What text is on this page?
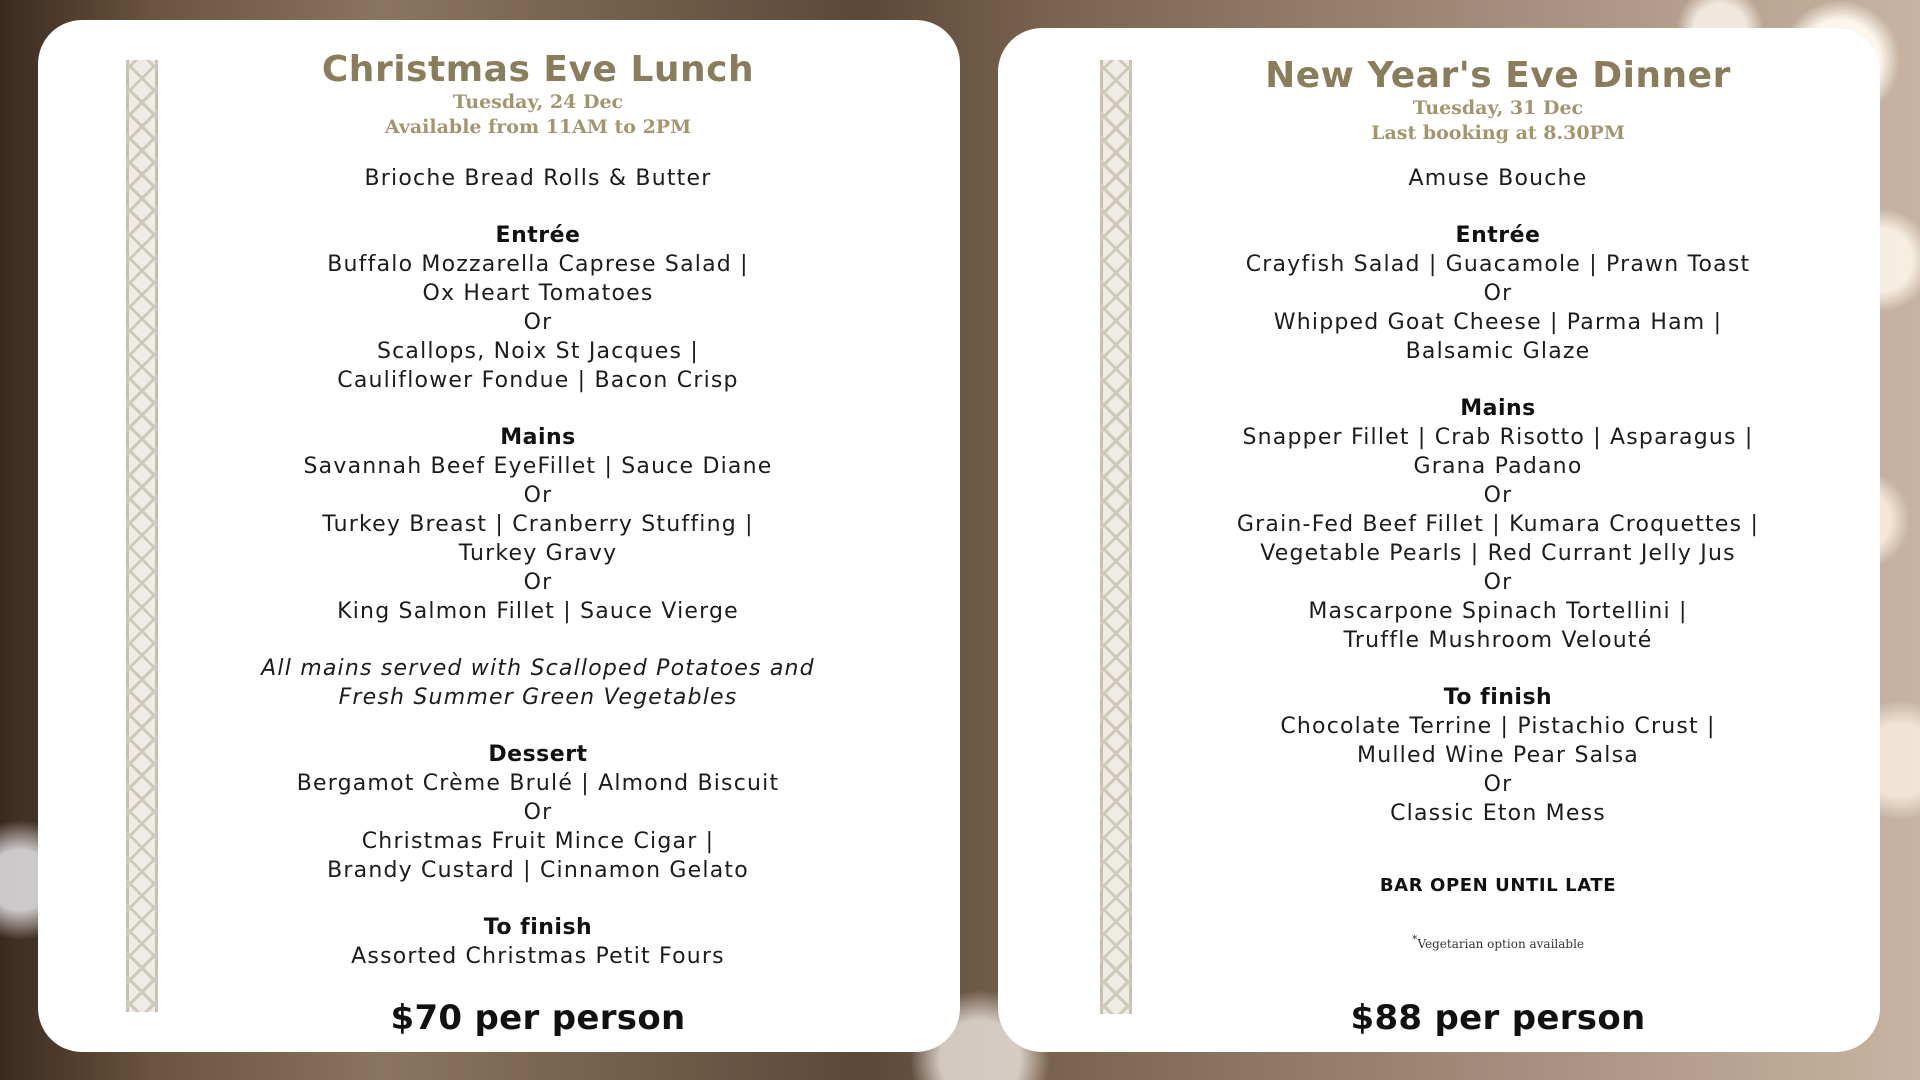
Christmas Eve Lunch
Tuesday, 24 Dec
Available from 11AM to 2PM
Brioche Bread Rolls & Butter
Entrée
Buffalo Mozzarella Caprese Salad |
Ox Heart Tomatoes
Or
Scallops, Noix St Jacques |
Cauliflower Fondue | Bacon Crisp
Mains
Savannah Beef EyeFillet | Sauce Diane
Or
Turkey Breast | Cranberry Stuffing |
Turkey Gravy
Or
King Salmon Fillet | Sauce Vierge
All mains served with Scalloped Potatoes and
Fresh Summer Green Vegetables
Dessert
Bergamot Crème Brulé | Almond Biscuit
Or
Christmas Fruit Mince Cigar |
Brandy Custard | Cinnamon Gelato
To finish
Assorted Christmas Petit Fours
$70 per person
New Year's Eve Dinner
Tuesday, 31 Dec
Last booking at 8.30PM
Amuse Bouche
Entrée
Crayfish Salad | Guacamole | Prawn Toast
Or
Whipped Goat Cheese | Parma Ham |
Balsamic Glaze
Mains
Snapper Fillet | Crab Risotto | Asparagus |
Grana Padano
Or
Grain-Fed Beef Fillet | Kumara Croquettes |
Vegetable Pearls | Red Currant Jelly Jus
Or
Mascarpone Spinach Tortellini |
Truffle Mushroom Velouté
To finish
Chocolate Terrine | Pistachio Crust |
Mulled Wine Pear Salsa
Or
Classic Eton Mess
BAR OPEN UNTIL LATE
*Vegetarian option available
$88 per person
